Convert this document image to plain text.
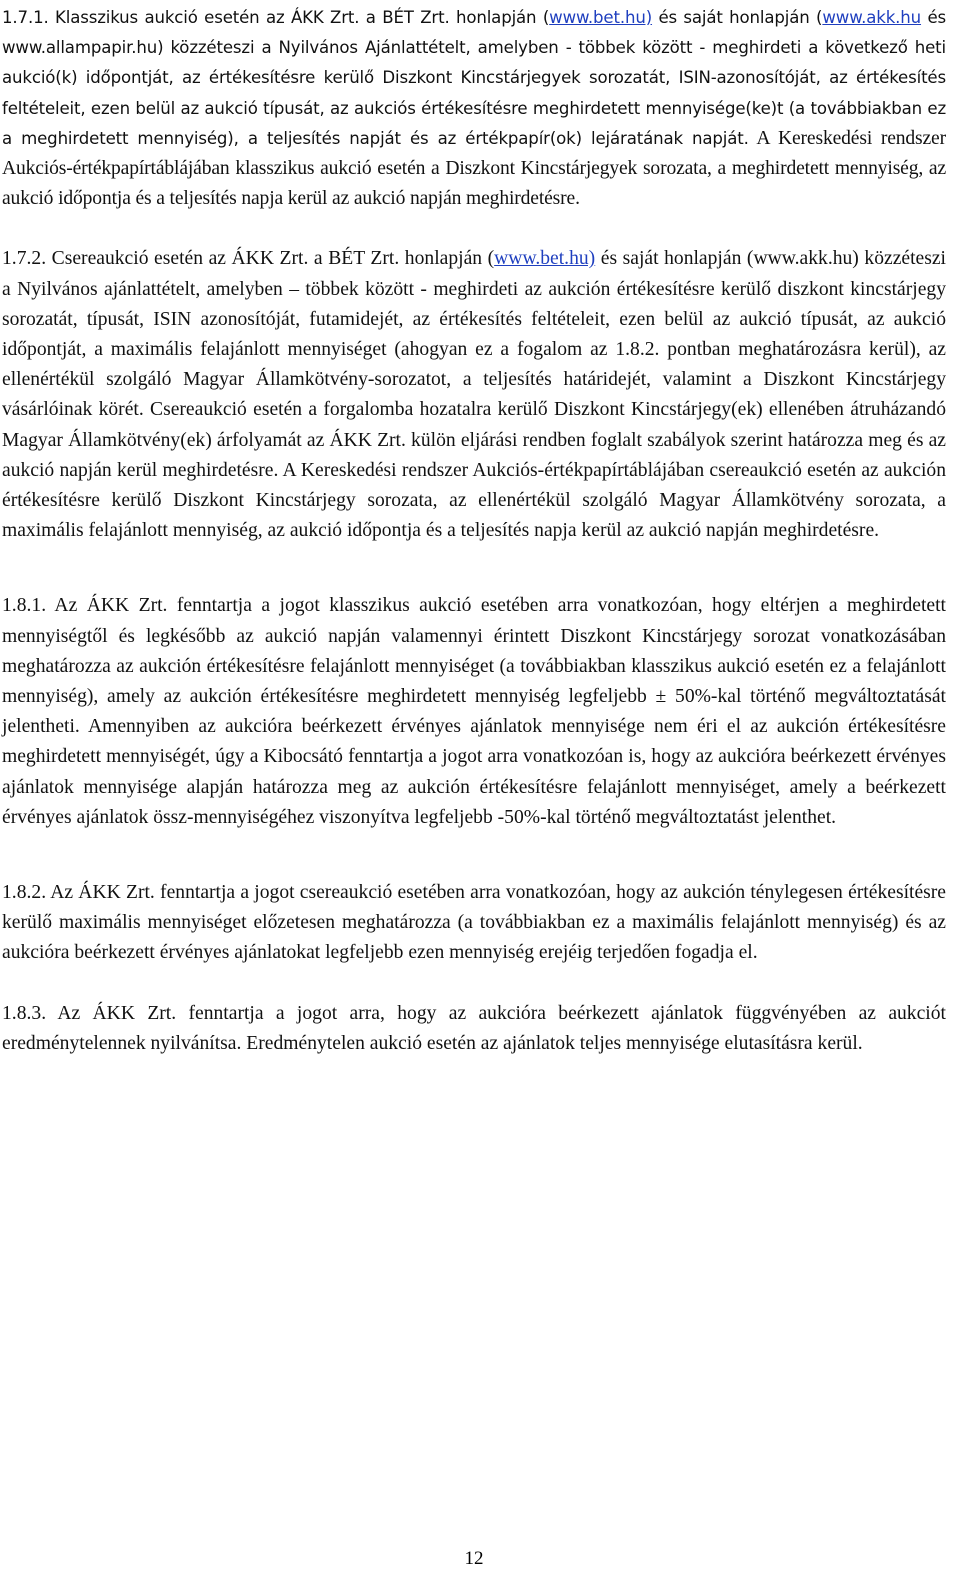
1.7.1. Klasszikus aukció esetén az ÁKK Zrt. a BÉT Zrt. honlapján (www.bet.hu) és saját honlapján (www.akk.hu és www.allampapir.hu) közzéteszi a Nyilvános Ajánlattételt, amelyben - többek között - meghirdeti a következő heti aukció(k) időpontját, az értékesítésre kerülő Diszkont Kincstárjegyek sorozatát, ISIN-azonosítóját, az értékesítés feltételeit, ezen belül az aukció típusát, az aukciós értékesítésre meghirdetett mennyisége(ke)t (a továbbiakban ez a meghirdetett mennyiség), a teljesítés napját és az értékpapír(ok) lejáratának napját. A Kereskedési rendszer Aukciós-értékpapírtáblájában klasszikus aukció esetén a Diszkont Kincstárjegyek sorozata, a meghirdetett mennyiség, az aukció időpontja és a teljesítés napja kerül az aukció napján meghirdetésre.

1.7.2. Csereaukció esetén az ÁKK Zrt. a BÉT Zrt. honlapján (www.bet.hu) és saját honlapján (www.akk.hu) közzéteszi a Nyilvános ajánlattételt, amelyben – többek között - meghirdeti az aukción értékesítésre kerülő diszkont kincstárjegy sorozatát, típusát, ISIN azonosítóját, futamidejét, az értékesítés feltételeit, ezen belül az aukció típusát, az aukció időpontját, a maximális felajánlott mennyiséget (ahogyan ez a fogalom az 1.8.2. pontban meghatározásra kerül), az ellenértékül szolgáló Magyar Államkötvény-sorozatot, a teljesítés határidejét, valamint a Diszkont Kincstárjegy vásárlóinak körét. Csereaukció esetén a forgalomba hozatalra kerülő Diszkont Kincstárjegy(ek) ellenében átruházandó Magyar Államkötvény(ek) árfolyamát az ÁKK Zrt. külön eljárási rendben foglalt szabályok szerint határozza meg és az aukció napján kerül meghirdetésre. A Kereskedési rendszer Aukciós-értékpapírtáblájában csereaukció esetén az aukción értékesítésre kerülő Diszkont Kincstárjegy sorozata, az ellenértékül szolgáló Magyar Államkötvény sorozata, a maximális felajánlott mennyiség, az aukció időpontja és a teljesítés napja kerül az aukció napján meghirdetésre.

1.8.1. Az ÁKK Zrt. fenntartja a jogot klasszikus aukció esetében arra vonatkozóan, hogy eltérjen a meghirdetett mennyiségtől és legkésőbb az aukció napján valamennyi érintett Diszkont Kincstárjegy sorozat vonatkozásában meghatározza az aukción értékesítésre felajánlott mennyiséget (a továbbiakban klasszikus aukció esetén ez a felajánlott mennyiség), amely az aukción értékesítésre meghirdetett mennyiség legfeljebb ± 50%-kal történő megváltoztatását jelentheti. Amennyiben az aukcióra beérkezett érvényes ajánlatok mennyisége nem éri el az aukción értékesítésre meghirdetett mennyiségét, úgy a Kibocsátó fenntartja a jogot arra vonatkozóan is, hogy az aukcióra beérkezett érvényes ajánlatok mennyisége alapján határozza meg az aukción értékesítésre felajánlott mennyiséget, amely a beérkezett érvényes ajánlatok össz-mennyiségéhez viszonyítva legfeljebb -50%-kal történő megváltoztatást jelenthet.

1.8.2. Az ÁKK Zrt. fenntartja a jogot csereaukció esetében arra vonatkozóan, hogy az aukción ténylegesen értékesítésre kerülő maximális mennyiséget előzetesen meghatározza (a továbbiakban ez a maximális felajánlott mennyiség) és az aukcióra beérkezett érvényes ajánlatokat legfeljebb ezen mennyiség erejéig terjedően fogadja el.

1.8.3. Az ÁKK Zrt. fenntartja a jogot arra, hogy az aukcióra beérkezett ajánlatok függvényében az aukciót eredménytelennek nyilvánítsa. Eredménytelen aukció esetén az ajánlatok teljes mennyisége elutasításra kerül.

12
